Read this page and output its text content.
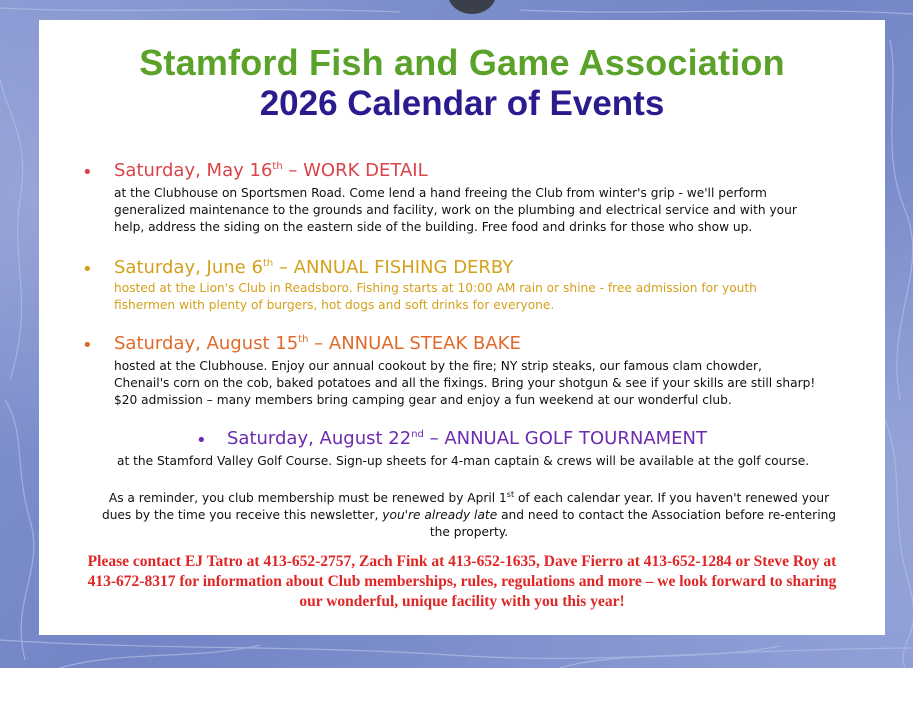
Stamford Fish and Game Association
2026 Calendar of Events
• Saturday, May 16th – WORK DETAIL
at the Clubhouse on Sportsmen Road. Come lend a hand freeing the Club from winter's grip - we'll perform
generalized maintenance to the grounds and facility, work on the plumbing and electrical service and with your
help, address the siding on the eastern side of the building. Free food and drinks for those who show up.
• Saturday, June 6th – ANNUAL FISHING DERBY
hosted at the Lion's Club in Readsboro. Fishing starts at 10:00 AM rain or shine - free admission for youth
fishermen with plenty of burgers, hot dogs and soft drinks for everyone.
• Saturday, August 15th – ANNUAL STEAK BAKE
hosted at the Clubhouse. Enjoy our annual cookout by the fire; NY strip steaks, our famous clam chowder,
Chenail's corn on the cob, baked potatoes and all the fixings. Bring your shotgun & see if your skills are still sharp!
$20 admission – many members bring camping gear and enjoy a fun weekend at our wonderful club.
• Saturday, August 22nd – ANNUAL GOLF TOURNAMENT
at the Stamford Valley Golf Course. Sign-up sheets for 4-man captain & crews will be available at the golf course.
As a reminder, you club membership must be renewed by April 1st of each calendar year. If you haven't renewed your dues by the time you receive this newsletter, you're already late and need to contact the Association before re-entering the property.
Please contact EJ Tatro at 413-652-2757, Zach Fink at 413-652-1635, Dave Fierro at 413-652-1284 or Steve Roy at 413-672-8317 for information about Club memberships, rules, regulations and more – we look forward to sharing our wonderful, unique facility with you this year!
